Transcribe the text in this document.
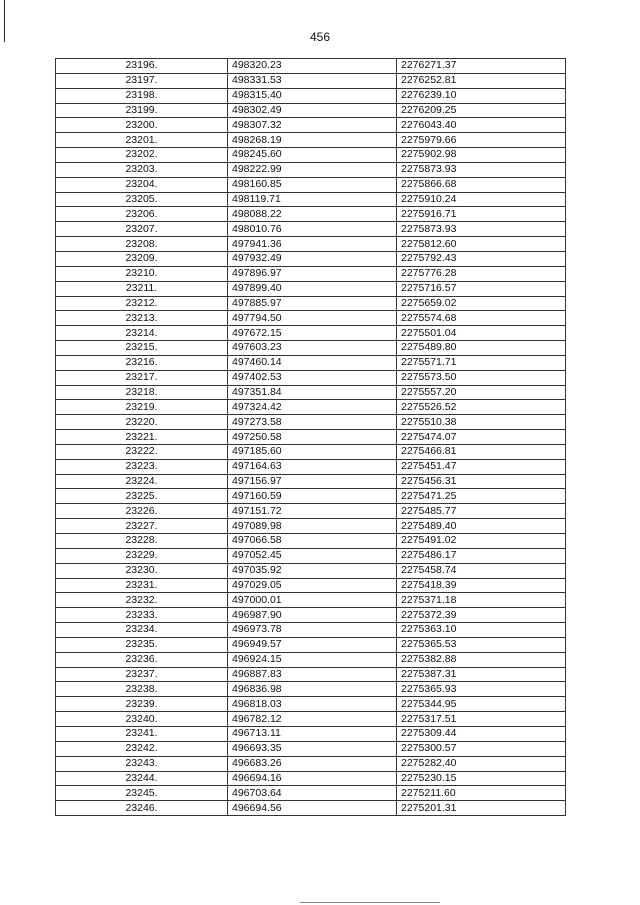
456
23196.	498320.23	2276271.37
23197.	498331.53	2276252.81
23198.	498315.40	2276239.10
23199.	498302.49	2276209.25
23200.	498307.32	2276043.40
23201.	498268.19	2275979.66
23202.	498245.60	2275902.98
23203.	498222.99	2275873.93
23204.	498160.85	2275866.68
23205.	498119.71	2275910.24
23206.	498088.22	2275916.71
23207.	498010.76	2275873.93
23208.	497941.36	2275812.60
23209.	497932.49	2275792.43
23210.	497896.97	2275776.28
23211.	497899.40	2275716.57
23212.	497885.97	2275659.02
23213.	497794.50	2275574.68
23214.	497672.15	2275501.04
23215.	497603.23	2275489.80
23216.	497460.14	2275571.71
23217.	497402.53	2275573.50
23218.	497351.84	2275557.20
23219.	497324.42	2275526.52
23220.	497273.58	2275510.38
23221.	497250.58	2275474.07
23222.	497185.60	2275466.81
23223.	497164.63	2275451.47
23224.	497156.97	2275456.31
23225.	497160.59	2275471.25
23226.	497151.72	2275485.77
23227.	497089.98	2275489.40
23228.	497066.58	2275491.02
23229.	497052.45	2275486.17
23230.	497035.92	2275458.74
23231.	497029.05	2275418.39
23232.	497000.01	2275371.18
23233.	496987.90	2275372.39
23234.	496973.78	2275363.10
23235.	496949.57	2275365.53
23236.	496924.15	2275382.88
23237.	496887.83	2275387.31
23238.	496836.98	2275365.93
23239.	496818.03	2275344.95
23240.	496782.12	2275317.51
23241.	496713.11	2275309.44
23242.	496693.35	2275300.57
23243.	496683.26	2275282.40
23244.	496694.16	2275230.15
23245.	496703.64	2275211.60
23246.	496694.56	2275201.31
